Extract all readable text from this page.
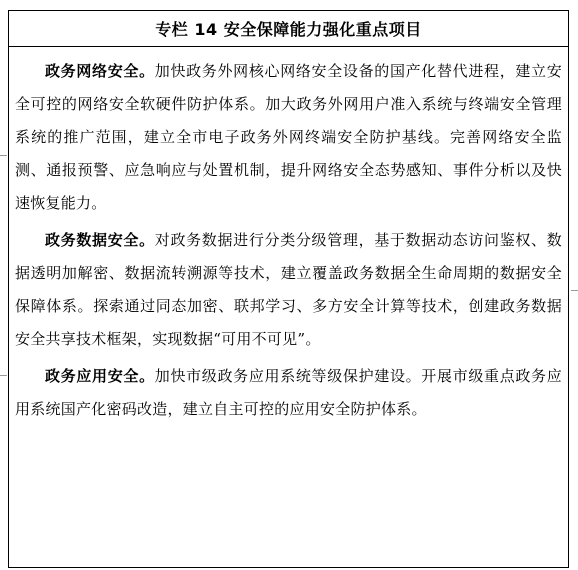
专栏 14 安全保障能力强化重点项目

政务网络安全。加快政务外网核心网络安全设备的国产化替代进程，建立安全可控的网络安全软硬件防护体系。加大政务外网用户准入系统与终端安全管理系统的推广范围，建立全市电子政务外网终端安全防护基线。完善网络安全监测、通报预警、应急响应与处置机制，提升网络安全态势感知、事件分析以及快速恢复能力。

政务数据安全。对政务数据进行分类分级管理，基于数据动态访问鉴权、数据透明加解密、数据流转溯源等技术，建立覆盖政务数据全生命周期的数据安全保障体系。探索通过同态加密、联邦学习、多方安全计算等技术，创建政务数据安全共享技术框架，实现数据“可用不可见”。

政务应用安全。加快市级政务应用系统等级保护建设。开展市级重点政务应用系统国产化密码改造，建立自主可控的应用安全防护体系。
